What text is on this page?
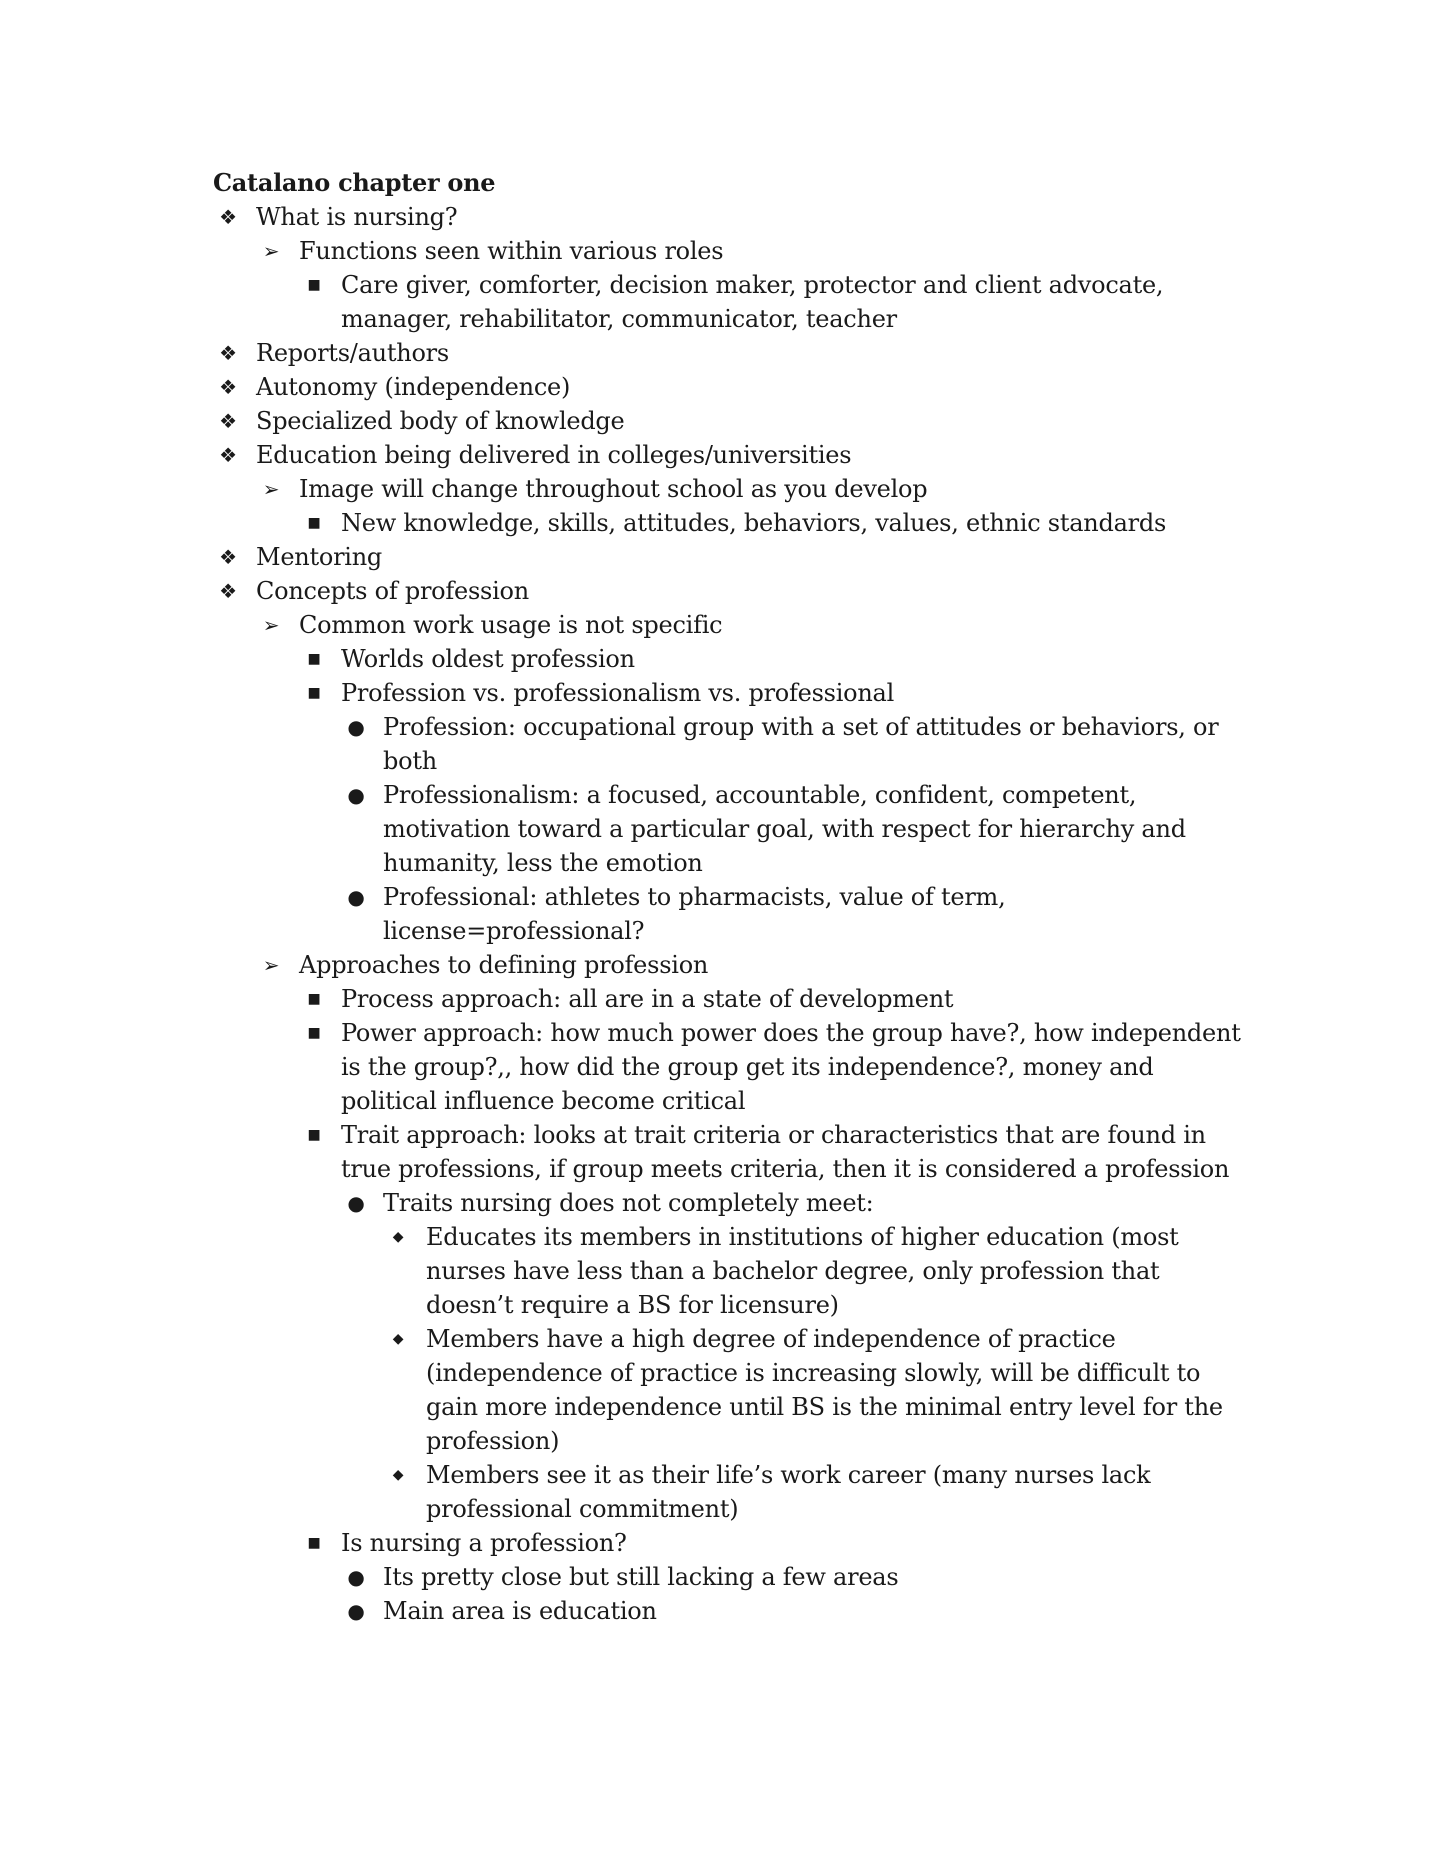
Catalano chapter one
❖ What is nursing?
➢ Functions seen within various roles
■ Care giver, comforter, decision maker, protector and client advocate, manager, rehabilitator, communicator, teacher
❖ Reports/authors
❖ Autonomy (independence)
❖ Specialized body of knowledge
❖ Education being delivered in colleges/universities
➢ Image will change throughout school as you develop
■ New knowledge, skills, attitudes, behaviors, values, ethnic standards
❖ Mentoring
❖ Concepts of profession
➢ Common work usage is not specific
■ Worlds oldest profession
■ Profession vs. professionalism vs. professional
● Profession: occupational group with a set of attitudes or behaviors, or both
● Professionalism: a focused, accountable, confident, competent, motivation toward a particular goal, with respect for hierarchy and humanity, less the emotion
● Professional: athletes to pharmacists, value of term, license=professional?
➢ Approaches to defining profession
■ Process approach: all are in a state of development
■ Power approach: how much power does the group have?, how independent is the group?,, how did the group get its independence?, money and political influence become critical
■ Trait approach: looks at trait criteria or characteristics that are found in true professions, if group meets criteria, then it is considered a profession
● Traits nursing does not completely meet:
◆ Educates its members in institutions of higher education (most nurses have less than a bachelor degree, only profession that doesn’t require a BS for licensure)
◆ Members have a high degree of independence of practice (independence of practice is increasing slowly, will be difficult to gain more independence until BS is the minimal entry level for the profession)
◆ Members see it as their life’s work career (many nurses lack professional commitment)
■ Is nursing a profession?
● Its pretty close but still lacking a few areas
● Main area is education
